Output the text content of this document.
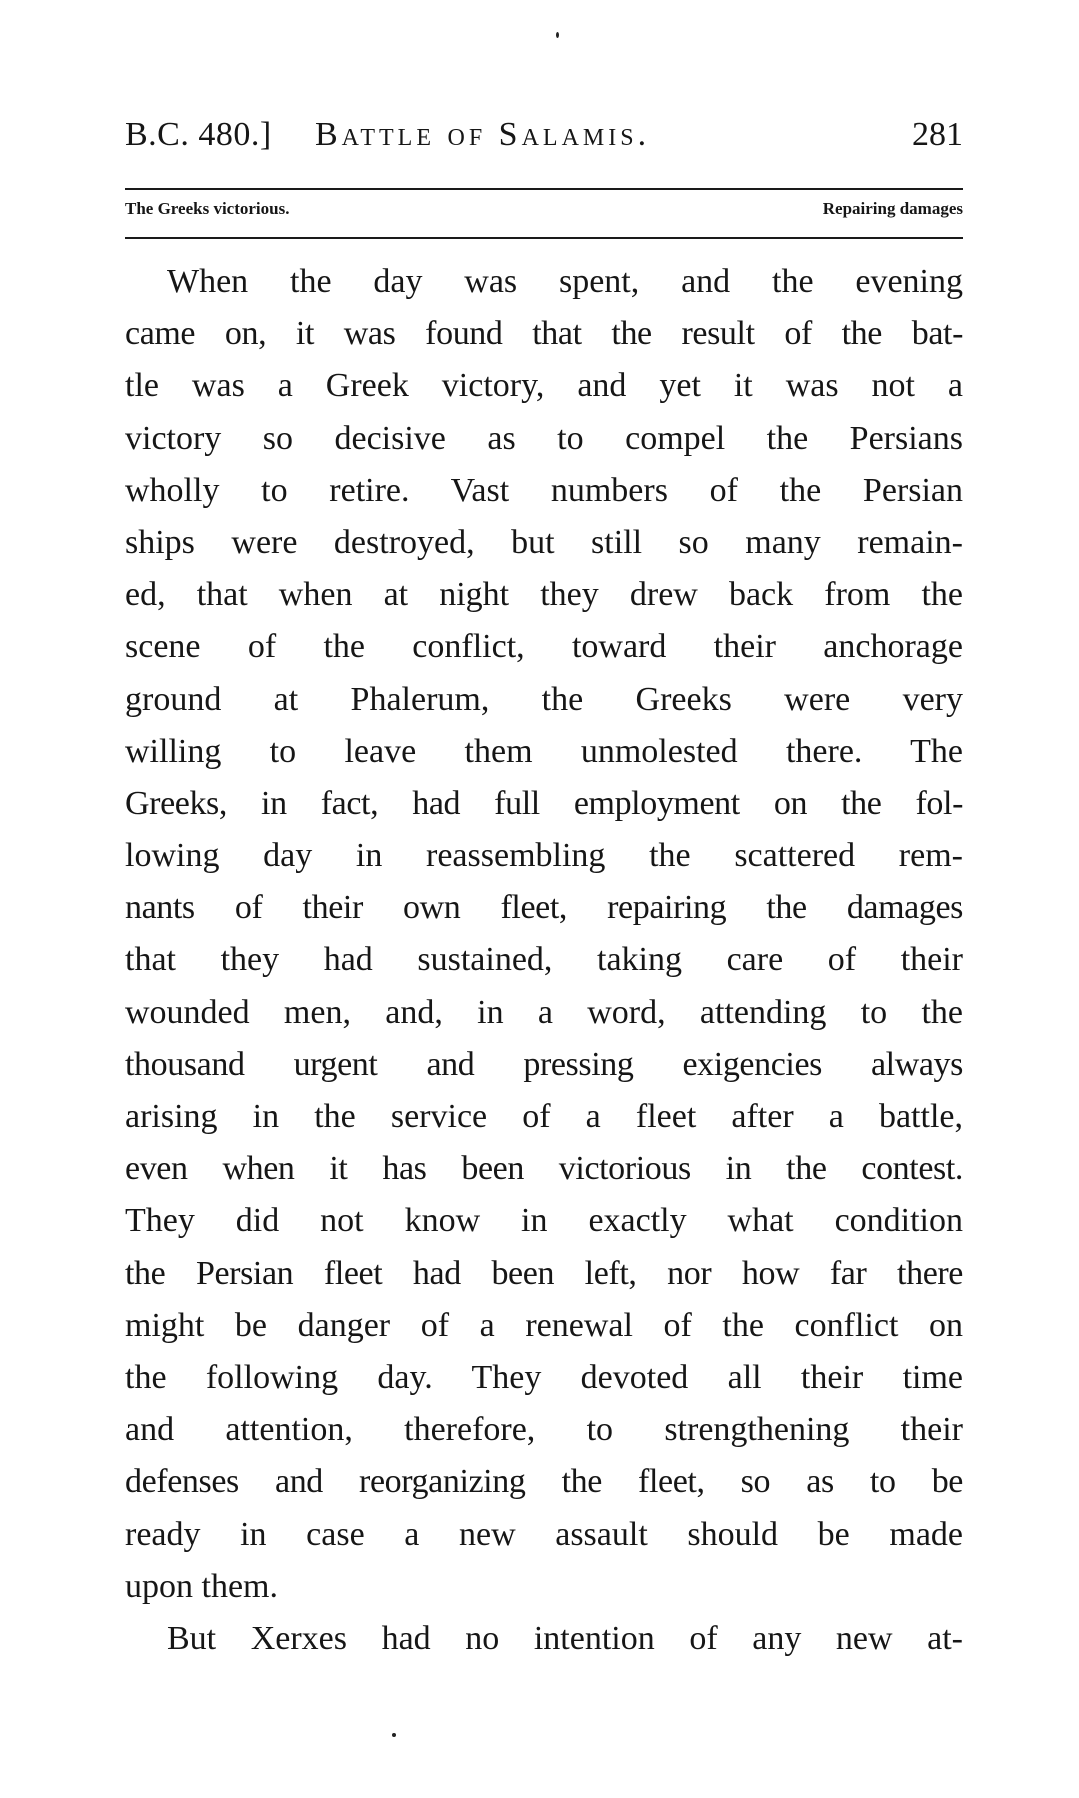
B.C. 480.] Battle of Salamis.	281
The Greeks victorious.	Repairing damages
When the day was spent, and the evening
came on, it was found that the result of the bat-
tle was a Greek victory, and yet it was not a
victory so decisive as to compel the Persians
wholly to retire. Vast numbers of the Persian
ships were destroyed, but still so many remain-
ed, that when at night they drew back from the
scene of the conflict, toward their anchorage
ground at Phalerum, the Greeks were very
willing to leave them unmolested there. The
Greeks, in fact, had full employment on the fol-
lowing day in reassembling the scattered rem-
nants of their own fleet, repairing the damages
that they had sustained, taking care of their
wounded men, and, in a word, attending to the
thousand urgent and pressing exigencies always
arising in the service of a fleet after a battle,
even when it has been victorious in the contest.
They did not know in exactly what condition
the Persian fleet had been left, nor how far there
might be danger of a renewal of the conflict on
the following day. They devoted all their time
and attention, therefore, to strengthening their
defenses and reorganizing the fleet, so as to be
ready in case a new assault should be made
upon them.
But Xerxes had no intention of any new at-
